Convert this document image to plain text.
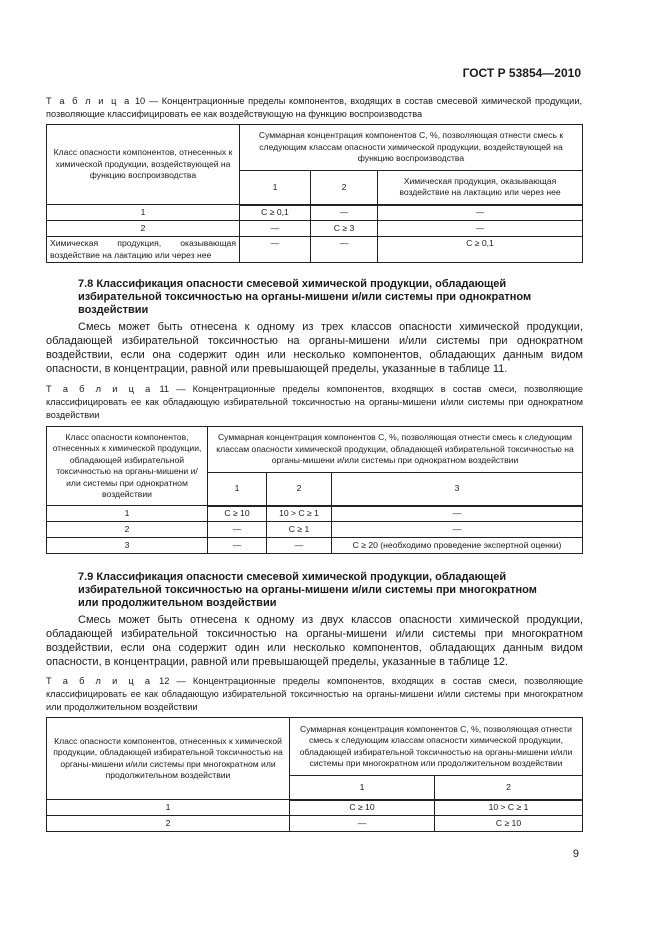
ГОСТ Р 53854—2010
Т а б л и ц а 10 — Концентрационные пределы компонентов, входящих в состав смесевой химической продукции, позволяющие классифицировать ее как воздействующую на функцию воспроизводства
Класс опасности компонентов, отнесенных к химической продукции, воздействующей на функцию воспроизводства	Суммарная концентрация компонентов С, %, позволяющая отнести смесь к следующим классам опасности химической продукции, воздействующей на функцию воспроизводства		
	1	2	Химическая продукция, оказывающая воздействие на лактацию или через нее
1	С ≥ 0,1	—	—
2	—	С ≥ 3	—
Химическая продукция, оказывающая воздействие на лактацию или через нее	—	—	С ≥ 0,1
7.8 Классификация опасности смесевой химической продукции, обладающей избирательной токсичностью на органы-мишени и/или системы при однократном воздействии
Смесь может быть отнесена к одному из трех классов опасности химической продукции, обладающей избирательной токсичностью на органы-мишени и/или системы при однократном воздействии, если она содержит один или несколько компонентов, обладающих данным видом опасности, в концентрации, равной или превышающей пределы, указанные в таблице 11.
Т а б л и ц а 11 — Концентрационные пределы компонентов, входящих в состав смеси, позволяющие классифицировать ее как обладающую избирательной токсичностью на органы-мишени и/или системы при однократном воздействии
Класс опасности компонентов, отнесенных к химической продукции, обладающей избирательной токсичностью на органы-мишени и/или системы при однократном воздействии	Суммарная концентрация компонентов С, %, позволяющая отнести смесь к следующим классам опасности химической продукции, обладающей избирательной токсичностью на органы-мишени и/или системы при однократном воздействии		
	1	2	3
1	С ≥ 10	10 > С ≥ 1	—
2	—	С ≥ 1	—
3	—	—	С ≥ 20 (необходимо проведение экспертной оценки)
7.9 Классификация опасности смесевой химической продукции, обладающей избирательной токсичностью на органы-мишени и/или системы при многократном или продолжительном воздействии
Смесь может быть отнесена к одному из двух классов опасности химической продукции, обладающей избирательной токсичностью на органы-мишени и/или системы при многократном воздействии, если она содержит один или несколько компонентов, обладающих данным видом опасности, в концентрации, равной или превышающей пределы, указанные в таблице 12.
Т а б л и ц а 12 — Концентрационные пределы компонентов, входящих в состав смеси, позволяющие классифицировать ее как обладающую избирательной токсичностью на органы-мишени и/или системы при многократном или продолжительном воздействии
Класс опасности компонентов, отнесенных к химической продукции, обладающей избирательной токсичностью на органы-мишени и/или системы при многократном или продолжительном воздействии	Суммарная концентрация компонентов С, %, позволяющая отнести смесь к следующим классам опасности химической продукции, обладающей избирательной токсичностью на органы-мишени и/или системы при многократном или продолжительном воздействии	
	1	2
1	С ≥ 10	10 > С ≥ 1
2	—	С ≥ 10
9
